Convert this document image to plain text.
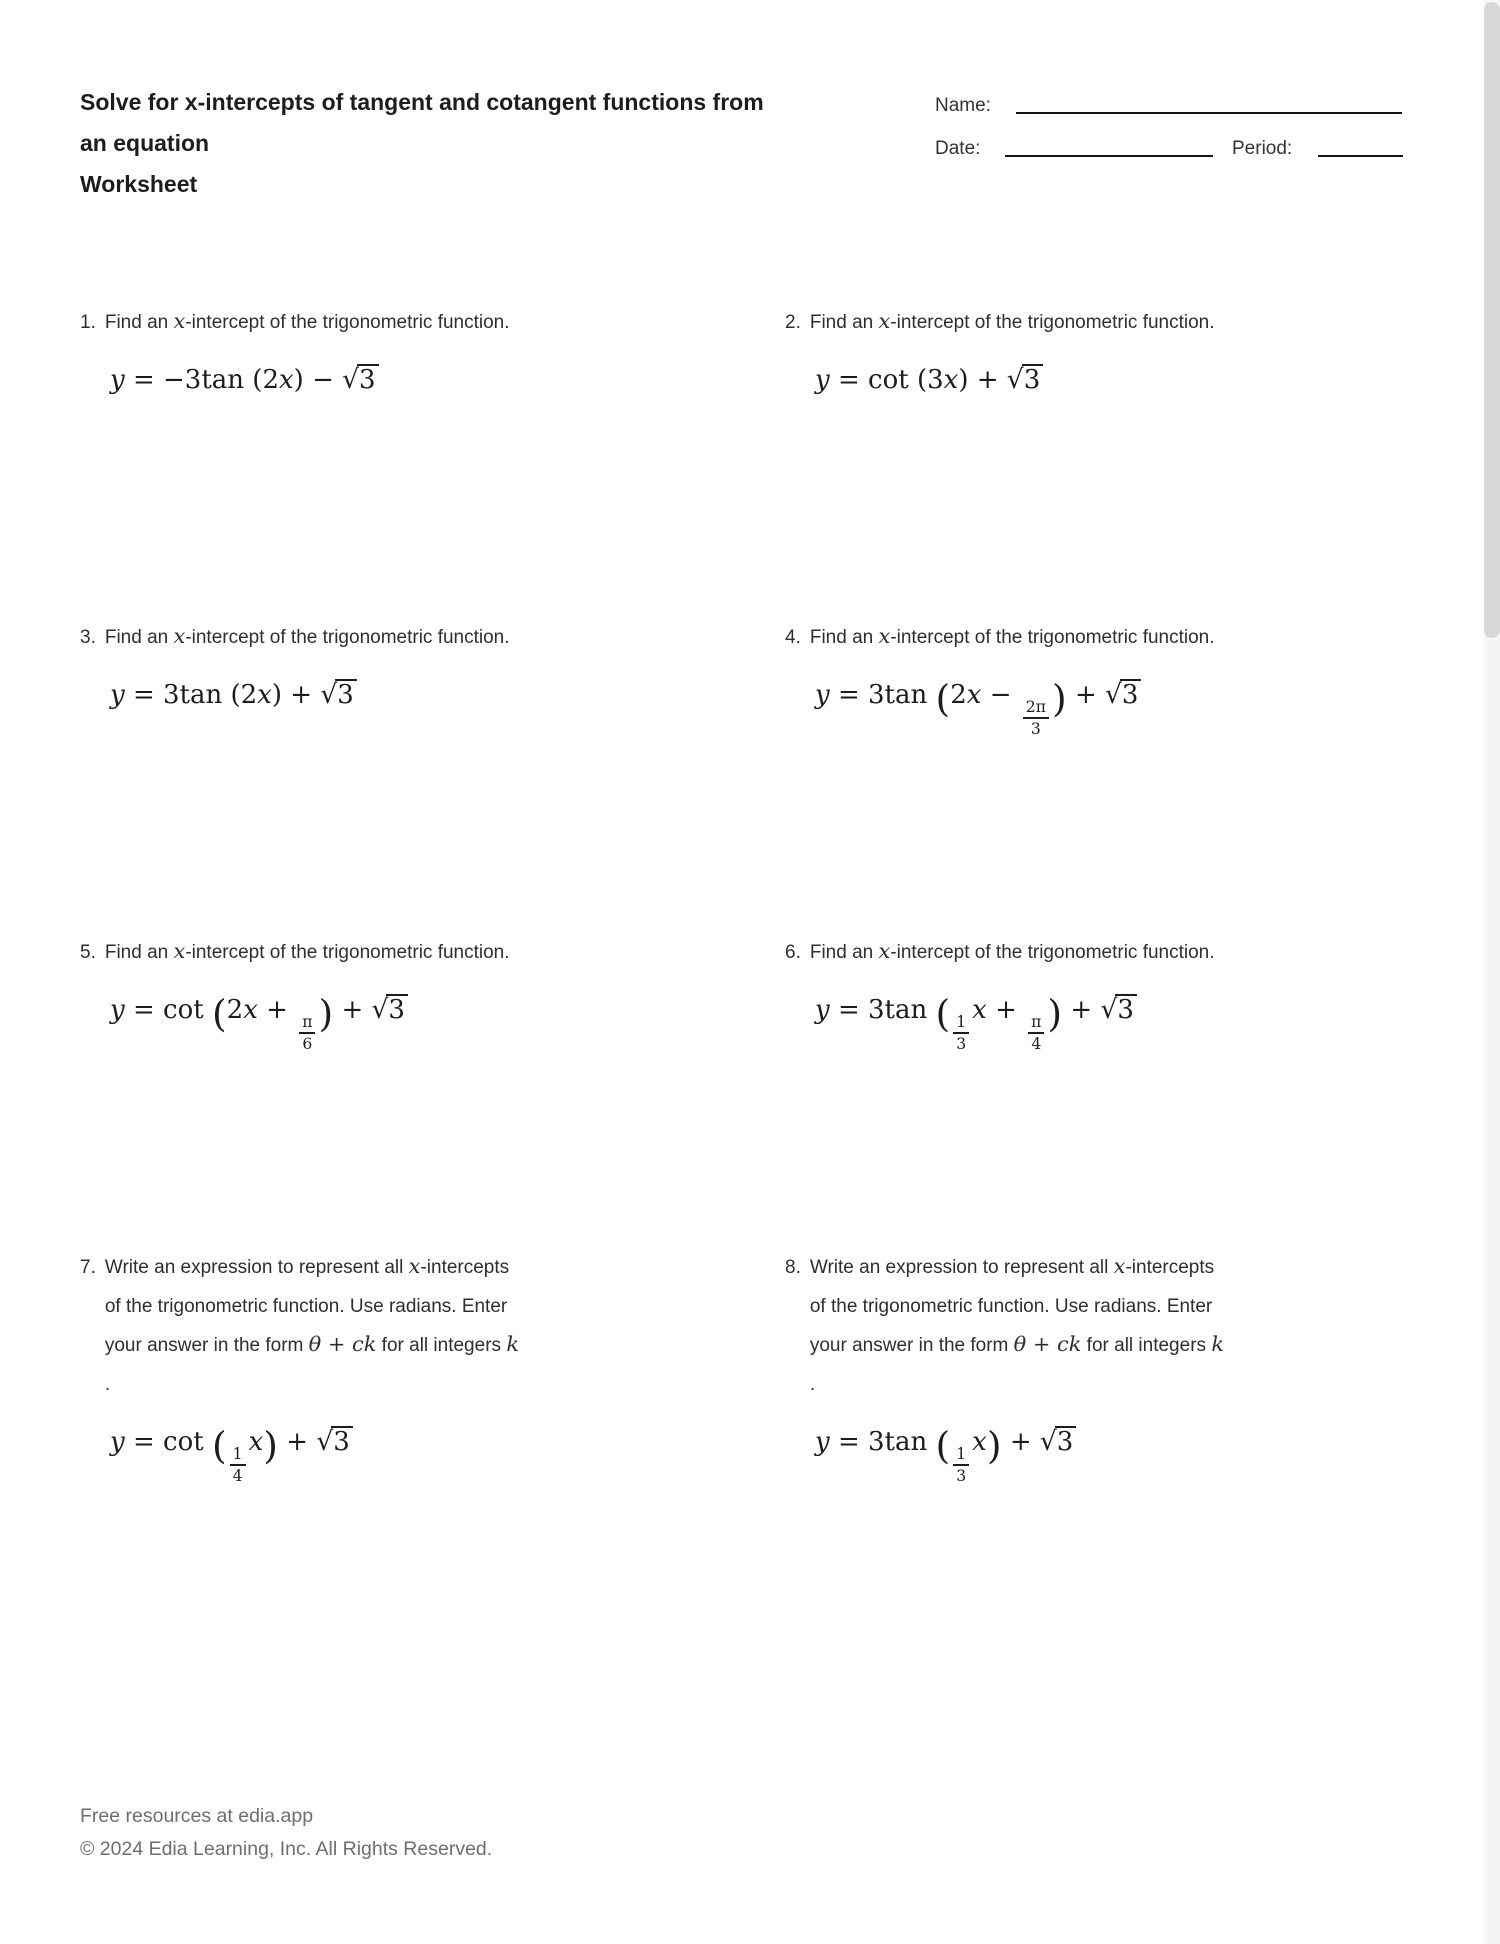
Solve for x-intercepts of tangent and cotangent functions from
an equation
Worksheet
Name:
Date:	Period:
1. Find an x-intercept of the trigonometric function.
y = −3tan (2x) − √3
2. Find an x-intercept of the trigonometric function.
y = cot (3x) + √3
3. Find an x-intercept of the trigonometric function.
y = 3tan (2x) + √3
4. Find an x-intercept of the trigonometric function.
y = 3tan (2x −
$\frac{2\pi}{3}$ ) + √3
5. Find an x-intercept of the trigonometric function.
y = cot (2x +
$\frac{\pi}{6}$ ) + √3
6. Find an x-intercept of the trigonometric function.
y = 3tan ( $\frac{1}{3}$
x +
$\frac{\pi}{4}$ ) + √3
7. Write an expression to represent all x-intercepts
of the trigonometric function. Use radians. Enter
your answer in the form θ + ck for all integers k
.
y = cot ( $\frac{1}{4}$
x) + √3
8. Write an expression to represent all x-intercepts
of the trigonometric function. Use radians. Enter
your answer in the form θ + ck for all integers k
.
y = 3tan ( $\frac{1}{3}$
x) + √3
Free resources at edia.app
© 2024 Edia Learning, Inc. All Rights Reserved.
